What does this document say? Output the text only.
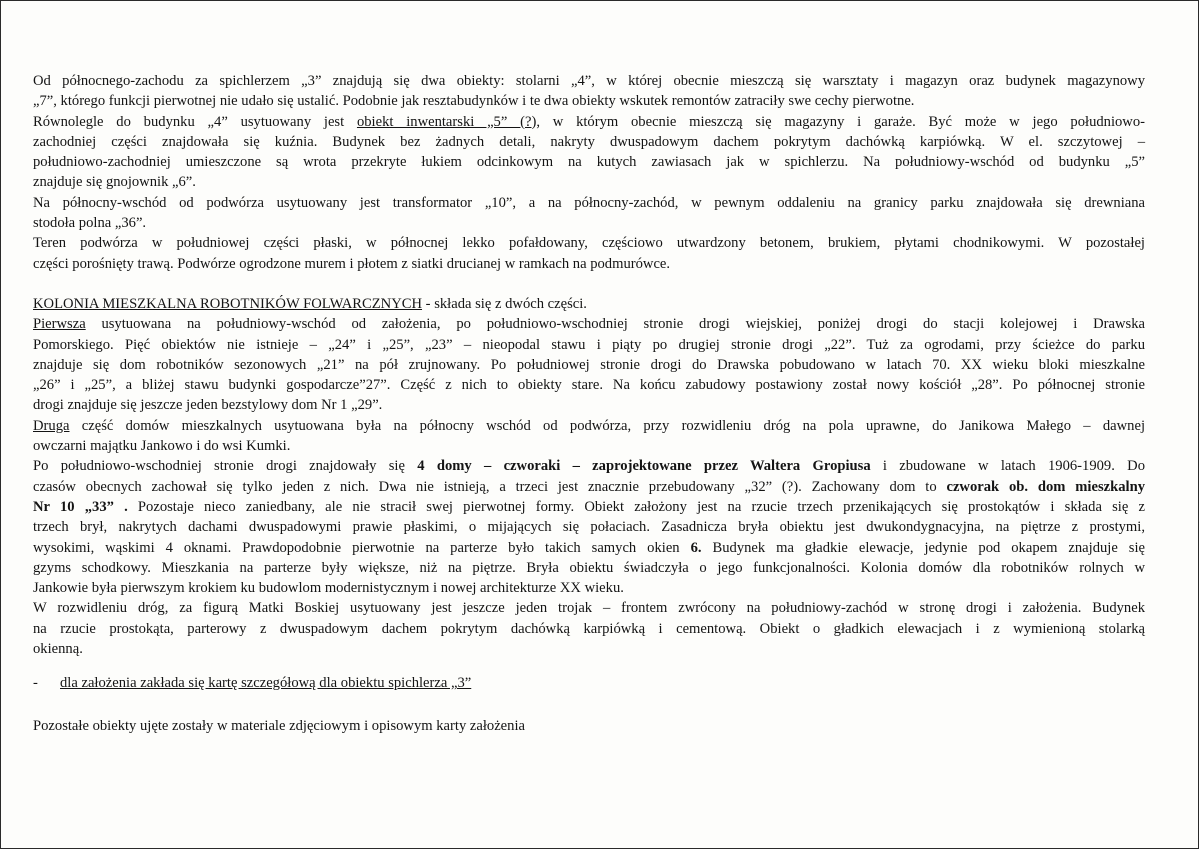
Od północnego-zachodu za spichlerzem „3” znajdują się dwa obiekty: stolarni „4”, w której obecnie mieszczą się warsztaty i magazyn oraz budynek magazynowy

„7”, którego funkcji pierwotnej nie udało się ustalić. Podobnie jak resztabudynków i te dwa obiekty wskutek remontów zatraciły swe cechy pierwotne.

Równolegle do budynku „4” usytuowany jest obiekt inwentarski „5” (?), w którym obecnie mieszczą się magazyny i garaże. Być może w jego południowo-

zachodniej części znajdowała się kuźnia. Budynek bez żadnych detali, nakryty dwuspadowym dachem pokrytym dachówką karpiówką. W el. szczytowej –

południowo-zachodniej umieszczone są wrota przekryte łukiem odcinkowym na kutych zawiasach jak w spichlerzu. Na południowy-wschód od budynku „5”

znajduje się gnojownik „6”.

Na północny-wschód od podwórza usytuowany jest transformator „10”, a na północny-zachód, w pewnym oddaleniu na granicy parku znajdowała się drewniana

stodoła polna „36”.

Teren podwórza w południowej części płaski, w północnej lekko pofałdowany, częściowo utwardzony betonem, brukiem, płytami chodnikowymi. W pozostałej

części porośnięty trawą. Podwórze ogrodzone murem i płotem z siatki drucianej w ramkach na podmurówce.

KOLONIA MIESZKALNA ROBOTNIKÓW FOLWARCZNYCH - składa się z dwóch części.

Pierwsza usytuowana na południowy-wschód od założenia, po południowo-wschodniej stronie drogi wiejskiej, poniżej drogi do stacji kolejowej i Drawska

Pomorskiego. Pięć obiektów nie istnieje – „24” i „25”, „23” – nieopodal stawu i piąty po drugiej stronie drogi „22”. Tuż za ogrodami, przy ścieżce do parku

znajduje się dom robotników sezonowych „21” na pół zrujnowany. Po południowej stronie drogi do Drawska pobudowano w latach 70. XX wieku bloki mieszkalne

„26” i „25”, a bliżej stawu budynki gospodarcze”27”. Część z nich to obiekty stare. Na końcu zabudowy postawiony został nowy kościół „28”. Po północnej stronie

drogi znajduje się jeszcze jeden bezstylowy dom Nr 1 „29”.

Druga część domów mieszkalnych usytuowana była na północny wschód od podwórza, przy rozwidleniu dróg na pola uprawne, do Janikowa Małego – dawnej

owczarni majątku Jankowo i do wsi Kumki.

Po południowo-wschodniej stronie drogi znajdowały się 4 domy – czworaki – zaprojektowane przez Waltera Gropiusa i zbudowane w latach 1906-1909. Do

czasów obecnych zachował się tylko jeden z nich. Dwa nie istnieją, a trzeci jest znacznie przebudowany „32” (?). Zachowany dom to czworak ob. dom mieszkalny

Nr 10 „33” . Pozostaje nieco zaniedbany, ale nie stracił swej pierwotnej formy. Obiekt założony jest na rzucie trzech przenikających się prostokątów i składa się z

trzech brył, nakrytych dachami dwuspadowymi prawie płaskimi, o mijających się połaciach. Zasadnicza bryła obiektu jest dwukondygnacyjna, na piętrze z prostymi,

wysokimi, wąskimi 4 oknami. Prawdopodobnie pierwotnie na parterze było takich samych okien 6. Budynek ma gładkie elewacje, jedynie pod okapem znajduje się

gzyms schodkowy. Mieszkania na parterze były większe, niż na piętrze. Bryła obiektu świadczyła o jego funkcjonalności. Kolonia domów dla robotników rolnych w

Jankowie była pierwszym krokiem ku budowlom modernistycznym i nowej architekturze XX wieku.

W rozwidleniu dróg, za figurą Matki Boskiej usytuowany jest jeszcze jeden trojak – frontem zwrócony na południowy-zachód w stronę drogi i założenia. Budynek

na rzucie prostokąta, parterowy z dwuspadowym dachem pokrytym dachówką karpiówką i cementową. Obiekt o gładkich elewacjach i z wymienioną stolarką

okienną.

- dla założenia zakłada się kartę szczegółową dla obiektu spichlerza „3”

Pozostałe obiekty ujęte zostały w materiale zdjęciowym i opisowym karty założenia
